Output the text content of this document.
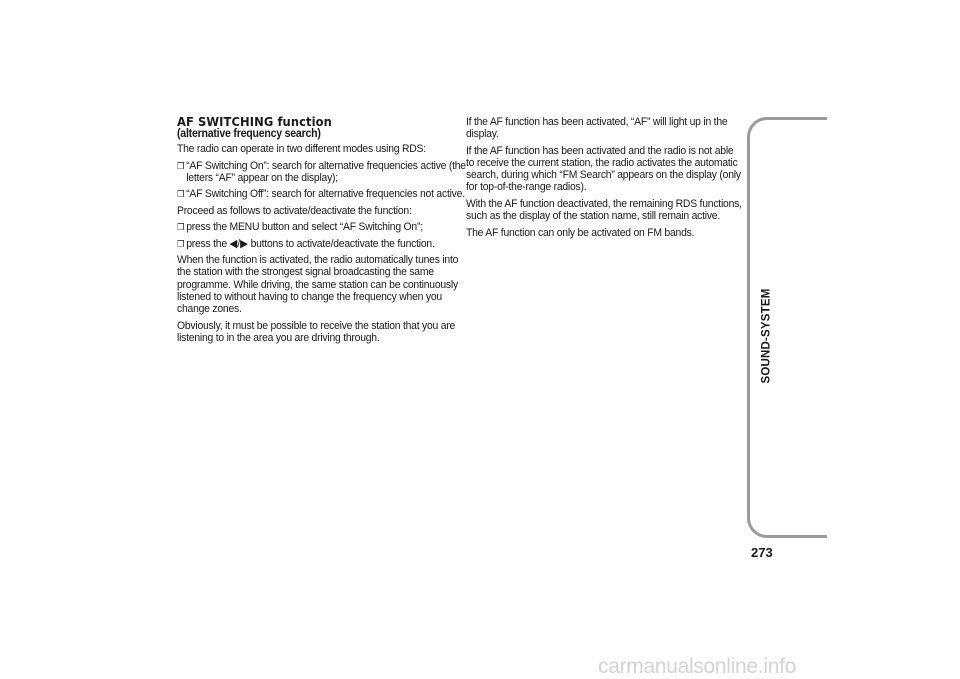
AF SWITCHING function
(alternative frequency search)

The radio can operate in two different modes using RDS:

❒ “AF Switching On”: search for alternative frequencies active (the letters “AF” appear on the display);
❒ “AF Switching Off”: search for alternative frequencies not active.

Proceed as follows to activate/deactivate the function:

❒ press the MENU button and select “AF Switching On”;
❒ press the ◀/▶ buttons to activate/deactivate the function.

When the function is activated, the radio automatically tunes into the station with the strongest signal broadcasting the same programme. While driving, the same station can be continuously listened to without having to change the frequency when you change zones.

Obviously, it must be possible to receive the station that you are listening to in the area you are driving through.

If the AF function has been activated, “AF” will light up in the display.

If the AF function has been activated and the radio is not able to receive the current station, the radio activates the automatic search, during which “FM Search” appears on the display (only for top-of-the-range radios).

With the AF function deactivated, the remaining RDS functions, such as the display of the station name, still remain active.

The AF function can only be activated on FM bands.

SOUND-SYSTEM
273
carmanualsonline.info
